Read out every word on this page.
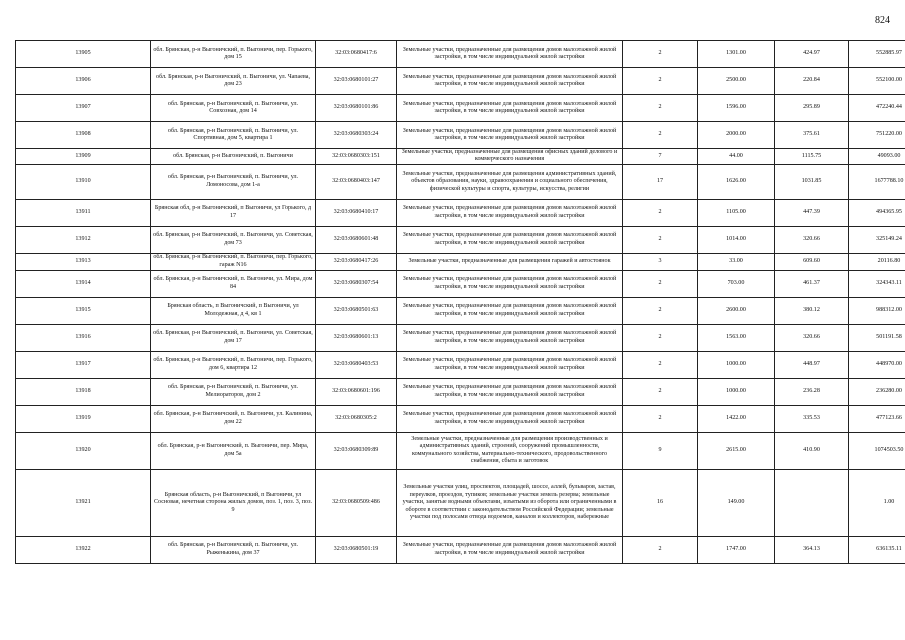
824
13905	обл. Брянская, р-н Выгоничский, п. Выгоничи, пер. Горького, дом 15	32:03:0680417:6	Земельные участки, предназначенные для размещения домов малоэтажной жилой застройки, в том числе индивидуальной жилой застройки	2	1301.00	424.97	552885.97
13906	обл. Брянская, р-н Выгоничский, п. Выгоничи, ул. Чапаева, дом 23	32:03:0680101:27	Земельные участки, предназначенные для размещения домов малоэтажной жилой застройки, в том числе индивидуальной жилой застройки	2	2500.00	220.84	552100.00
13907	обл. Брянская, р-н Выгоничский, п. Выгоничи, ул. Совхозная, дом 14	32:03:0680101:86	Земельные участки, предназначенные для размещения домов малоэтажной жилой застройки, в том числе индивидуальной жилой застройки	2	1596.00	295.89	472240.44
13908	обл. Брянская, р-н Выгоничский, п. Выгоничи, ул. Спортивная, дом 5, квартира 1	32:03:0680303:24	Земельные участки, предназначенные для размещения домов малоэтажной жилой застройки, в том числе индивидуальной жилой застройки	2	2000.00	375.61	751220.00
13909	обл. Брянская, р-н Выгоничский, п. Выгоничи	32:03:0680303:151	Земельные участки, предназначенные для размещения офисных зданий делового и коммерческого назначения	7	44.00	1115.75	49093.00
13910	обл. Брянская, р-н Выгоничский, п. Выгоничи, ул. Ломоносова, дом 1-а	32:03:0680403:147	Земельные участки, предназначенные для размещения административных зданий, объектов образования, науки, здравоохранения и социального обеспечения, физической культуры и спорта, культуры, искусства, религии	17	1626.00	1031.85	1677788.10
13911	Брянская обл, р-н Выгоничский, п Выгоничи, ул Горького, д 17	32:03:0680410:17	Земельные участки, предназначенные для размещения домов малоэтажной жилой застройки, в том числе индивидуальной жилой застройки	2	1105.00	447.39	494365.95
13912	обл. Брянская, р-н Выгоничский, п. Выгоничи, ул. Советская, дом 73	32:03:0680601:48	Земельные участки, предназначенные для размещения домов малоэтажной жилой застройки, в том числе индивидуальной жилой застройки	2	1014.00	320.66	325149.24
13913	обл. Брянская, р-н Выгоничский, п. Выгоничи, пер. Горького, гараж N16	32:03:0680417:26	Земельные участки, предназначенные для размещения гаражей и автостоянок	3	33.00	609.60	20116.80
13914	обл. Брянская, р-н Выгоничский, п. Выгоничи, ул. Мира, дом 84	32:03:0680307:54	Земельные участки, предназначенные для размещения домов малоэтажной жилой застройки, в том числе индивидуальной жилой застройки	2	703.00	461.37	324343.11
13915	Брянская область, п Выгоничский, п Выгоничи, ул Молодежная, д 4, кв 1	32:03:0680501:63	Земельные участки, предназначенные для размещения домов малоэтажной жилой застройки, в том числе индивидуальной жилой застройки	2	2600.00	380.12	988312.00
13916	обл. Брянская, р-н Выгоничский, п. Выгоничи, ул. Советская, дом 17	32:03:0680601:13	Земельные участки, предназначенные для размещения домов малоэтажной жилой застройки, в том числе индивидуальной жилой застройки	2	1563.00	320.66	501191.58
13917	обл. Брянская, р-н Выгоничский, п. Выгоничи, пер. Горького, дом 6, квартира 12	32:03:0680403:53	Земельные участки, предназначенные для размещения домов малоэтажной жилой застройки, в том числе индивидуальной жилой застройки	2	1000.00	448.97	448970.00
13918	обл. Брянская, р-н Выгоничский, п. Выгоничи, ул. Мелиораторов, дом 2	32:03:0680601:196	Земельные участки, предназначенные для размещения домов малоэтажной жилой застройки, в том числе индивидуальной жилой застройки	2	1000.00	236.28	236280.00
13919	обл. Брянская, р-н Выгоничский, п. Выгоничи, ул. Калинина, дом 22	32:03:0680305:2	Земельные участки, предназначенные для размещения домов малоэтажной жилой застройки, в том числе индивидуальной жилой застройки	2	1422.00	335.53	477123.66
13920	обл. Брянская, р-н Выгоничский, п. Выгоничи, пер. Мира, дом 5а	32:03:0680309:89	Земельные участки, предназначенные для размещения производственных и административных зданий, строений, сооружений промышленности, коммунального хозяйства, материально-технического, продовольственного снабжения, сбыта и заготовок	9	2615.00	410.90	1074503.50
13921	Брянская область, р-н Выгоничский, п Выгоничи, ул Сосновая, нечетная сторона жилых домов, поз. 1, поз. 3, поз. 9	32:03:0680509:486	Земельные участки улиц, проспектов, площадей, шоссе, аллей, бульваров, застав, переулков, проездов, тупиков; земельные участки земель резерва; земельные участки, занятые водными объектами, изъятыми из оборота или ограниченными в обороте в соответствии с законодательством Российской Федерации; земельные участки под полосами отвода водоемов, каналов и коллекторов, набережные	16	149.00		1.00
13922	обл. Брянская, р-н Выгоничский, п. Выгоничи, ул. Рыженькина, дом 37	32:03:0680501:19	Земельные участки, предназначенные для размещения домов малоэтажной жилой застройки, в том числе индивидуальной жилой застройки	2	1747.00	364.13	636135.11
